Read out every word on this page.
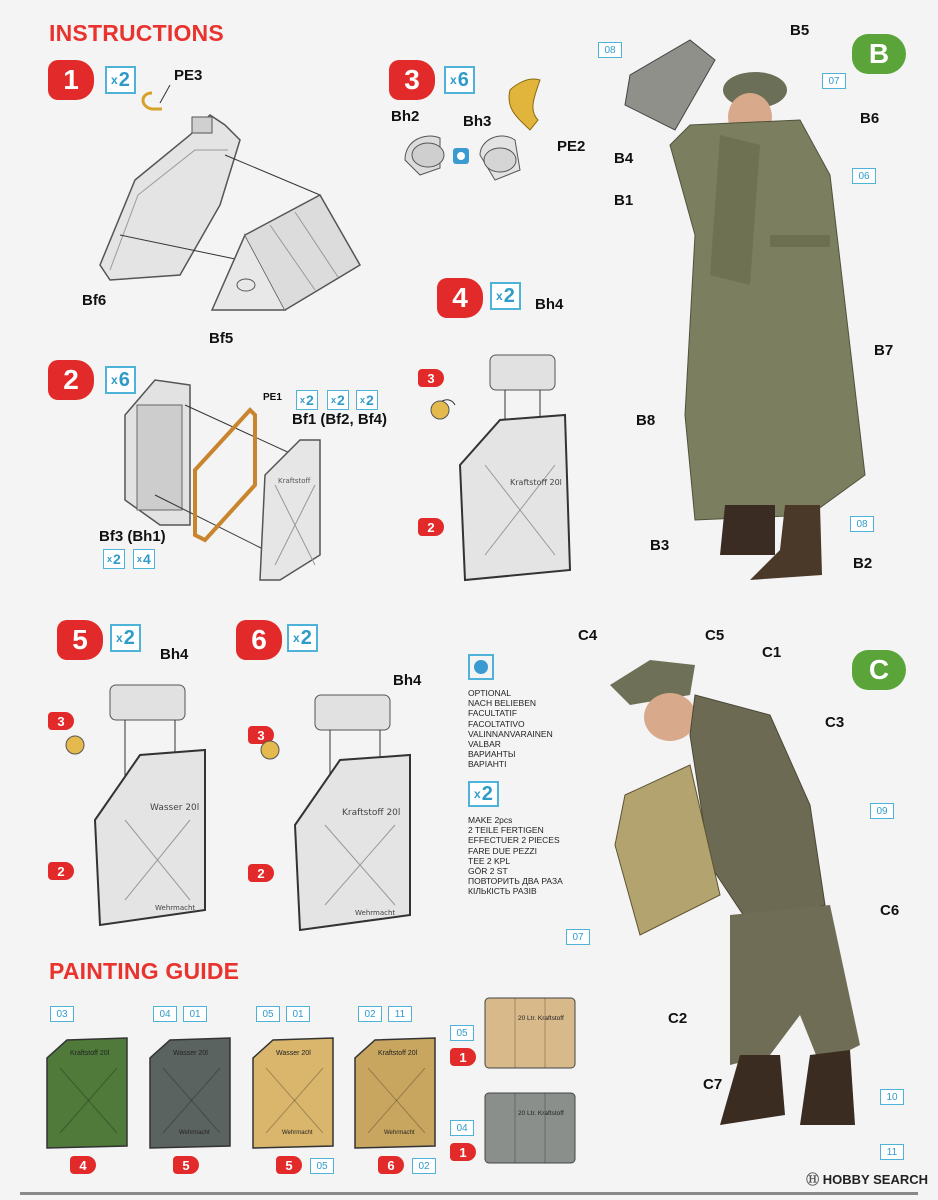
INSTRUCTIONS
PAINTING GUIDE
1	x 2	PE3
Bf6
Bf5
2	x 6
x 2 x 2 x 2
PE1
Bf1 (Bf2, Bf4)
Bf3 (Bh1)
x 2 x 4
Kraftstoff
3	x 6
Bh2	Bh3
PE2
4	x 2 Bh4
3
2
Kraftstoff 20l
5	x 2
Bh4
3
2
Wasser 20l
Wehrmacht
6	x 2
Bh4
3
2
Kraftstoff 20l
Wehrmacht
OPTIONAL
NACH BELIEBEN
FACULTATIF
FACOLTATIVO
VALINNANVARAINEN
VALBAR
ВАРИАНТЫ
ВАРІАНТІ
x 2
MAKE 2pcs
2 TEILE FERTIGEN
EFFECTUER 2 PIECES
FARE DUE PEZZI
TEE 2 KPL
GÖR 2 ST
ПОВТОРИТЬ ДВА РАЗА
КІЛЬКІСТЬ РАЗІВ
B
B5
B6
B4
B1
B7
B8
B3
B2
08
07
06
08
C
C4	C5
C1
C3
C6
C2
C7
09
07
10
11
Kraftstoff 20l
03
4
Wasser 20l
Wehrmacht
04	01
5
Wasser 20l
Wehrmacht
05	01
5	05
Kraftstoff 20l
Wehrmacht
02	11
6	02
20 Ltr. Kraftstoff
05
1
20 Ltr. Kraftstoff
04
1
Ⓗ HOBBY SEARCH
